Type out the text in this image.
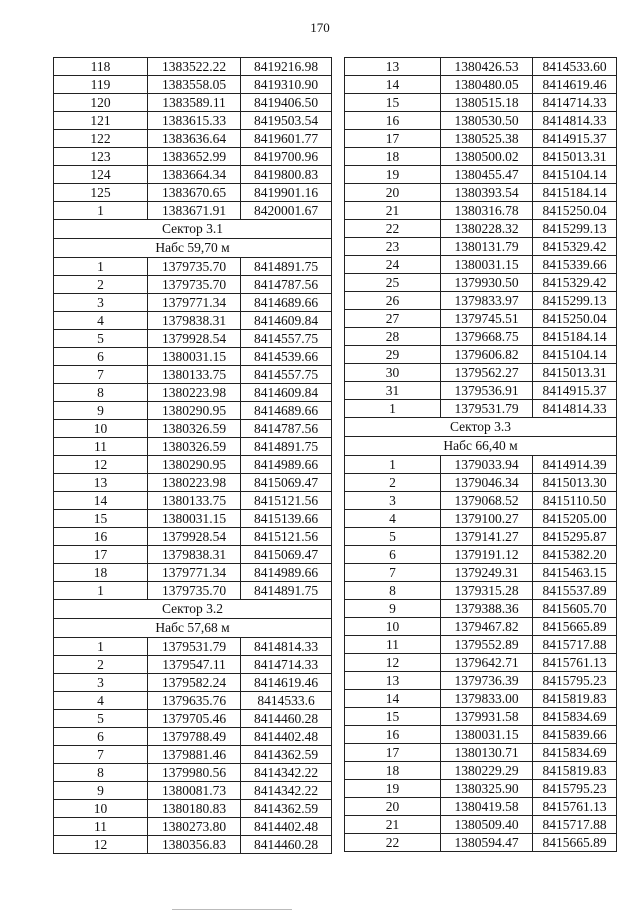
170
118	1383522.22	8419216.98
119	1383558.05	8419310.90
120	1383589.11	8419406.50
121	1383615.33	8419503.54
122	1383636.64	8419601.77
123	1383652.99	8419700.96
124	1383664.34	8419800.83
125	1383670.65	8419901.16
1	1383671.91	8420001.67
Сектор 3.1		
Набс 59,70 м		
1	1379735.70	8414891.75
2	1379735.70	8414787.56
3	1379771.34	8414689.66
4	1379838.31	8414609.84
5	1379928.54	8414557.75
6	1380031.15	8414539.66
7	1380133.75	8414557.75
8	1380223.98	8414609.84
9	1380290.95	8414689.66
10	1380326.59	8414787.56
11	1380326.59	8414891.75
12	1380290.95	8414989.66
13	1380223.98	8415069.47
14	1380133.75	8415121.56
15	1380031.15	8415139.66
16	1379928.54	8415121.56
17	1379838.31	8415069.47
18	1379771.34	8414989.66
1	1379735.70	8414891.75
Сектор 3.2		
Набс 57,68 м		
1	1379531.79	8414814.33
2	1379547.11	8414714.33
3	1379582.24	8414619.46
4	1379635.76	8414533.6
5	1379705.46	8414460.28
6	1379788.49	8414402.48
7	1379881.46	8414362.59
8	1379980.56	8414342.22
9	1380081.73	8414342.22
10	1380180.83	8414362.59
11	1380273.80	8414402.48
12	1380356.83	8414460.28
13	1380426.53	8414533.60
14	1380480.05	8414619.46
15	1380515.18	8414714.33
16	1380530.50	8414814.33
17	1380525.38	8414915.37
18	1380500.02	8415013.31
19	1380455.47	8415104.14
20	1380393.54	8415184.14
21	1380316.78	8415250.04
22	1380228.32	8415299.13
23	1380131.79	8415329.42
24	1380031.15	8415339.66
25	1379930.50	8415329.42
26	1379833.97	8415299.13
27	1379745.51	8415250.04
28	1379668.75	8415184.14
29	1379606.82	8415104.14
30	1379562.27	8415013.31
31	1379536.91	8414915.37
1	1379531.79	8414814.33
Сектор 3.3		
Набс 66,40 м		
1	1379033.94	8414914.39
2	1379046.34	8415013.30
3	1379068.52	8415110.50
4	1379100.27	8415205.00
5	1379141.27	8415295.87
6	1379191.12	8415382.20
7	1379249.31	8415463.15
8	1379315.28	8415537.89
9	1379388.36	8415605.70
10	1379467.82	8415665.89
11	1379552.89	8415717.88
12	1379642.71	8415761.13
13	1379736.39	8415795.23
14	1379833.00	8415819.83
15	1379931.58	8415834.69
16	1380031.15	8415839.66
17	1380130.71	8415834.69
18	1380229.29	8415819.83
19	1380325.90	8415795.23
20	1380419.58	8415761.13
21	1380509.40	8415717.88
22	1380594.47	8415665.89
